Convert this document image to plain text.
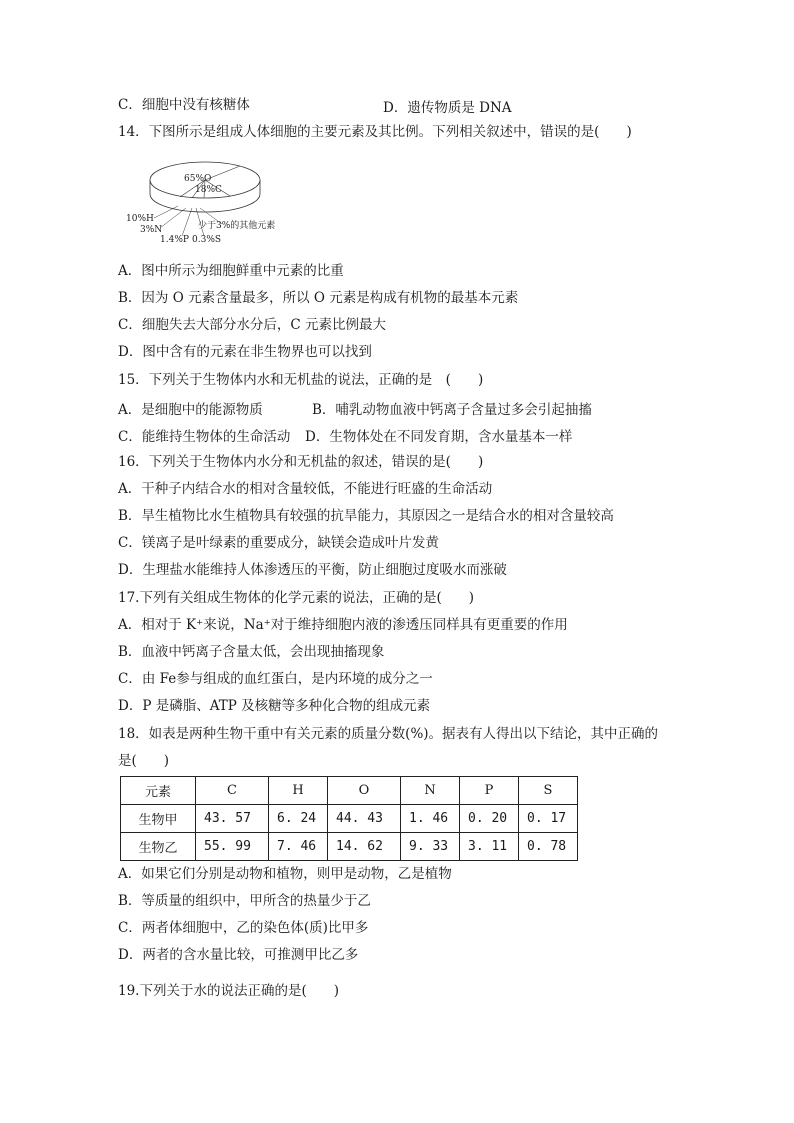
C．细胞中没有核糖体	D．遗传物质是 DNA
14．下图所示是组成人体细胞的主要元素及其比例。下列相关叙述中，错误的是(　　)
65%O
18%C
10%H
3%N
1.4%P 0.3%S
少于3%的其他元素
A．图中所示为细胞鲜重中元素的比重
B．因为 O 元素含量最多，所以 O 元素是构成有机物的最基本元素
C．细胞失去大部分水分后，C 元素比例最大
D．图中含有的元素在非生物界也可以找到
15．下列关于生物体内水和无机盐的说法，正确的是　(　　)
A．是细胞中的能源物质	B．哺乳动物血液中钙离子含量过多会引起抽搐
C．能维持生物体的生命活动 D．生物体处在不同发育期，含水量基本一样
16．下列关于生物体内水分和无机盐的叙述，错误的是(　　)
A．干种子内结合水的相对含量较低，不能进行旺盛的生命活动
B．旱生植物比水生植物具有较强的抗旱能力，其原因之一是结合水的相对含量较高
C．镁离子是叶绿素的重要成分，缺镁会造成叶片发黄
D．生理盐水能维持人体渗透压的平衡，防止细胞过度吸水而涨破
17.下列有关组成生物体的化学元素的说法，正确的是(　　)
A．相对于 K⁺来说，Na⁺对于维持细胞内液的渗透压同样具有更重要的作用
B．血液中钙离子含量太低，会出现抽搐现象
C．由 Fe参与组成的血红蛋白，是内环境的成分之一
D．P 是磷脂、ATP 及核糖等多种化合物的组成元素
18．如表是两种生物干重中有关元素的质量分数(%)。据表有人得出以下结论，其中正确的
是(　　)
元素	C	H	O	N	P	S
生物甲	43. 57	6. 24	44. 43	1. 46	0. 20	0. 17
生物乙	55. 99	7. 46	14. 62	9. 33	3. 11	0. 78
A．如果它们分别是动物和植物，则甲是动物，乙是植物
B．等质量的组织中，甲所含的热量少于乙
C．两者体细胞中，乙的染色体(质)比甲多
D．两者的含水量比较，可推测甲比乙多
19.下列关于水的说法正确的是(　　)
